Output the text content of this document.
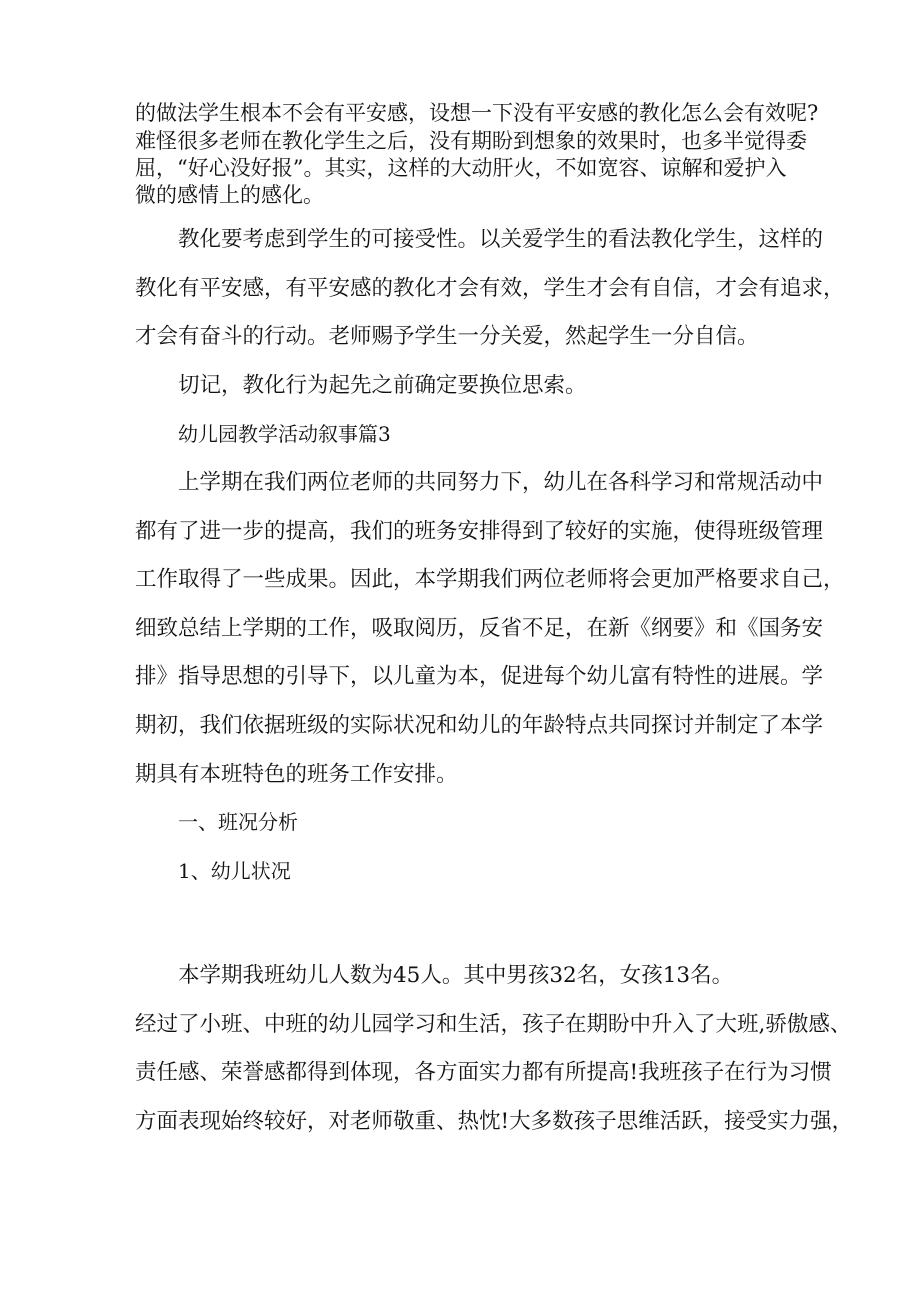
的做法学生根本不会有平安感，设想一下没有平安感的教化怎么会有效呢?
难怪很多老师在教化学生之后，没有期盼到想象的效果时，也多半觉得委
屈，“好心没好报”。其实，这样的大动肝火，不如宽容、谅解和爱护入
微的感情上的感化。
教化要考虑到学生的可接受性。以关爱学生的看法教化学生，这样的
教化有平安感，有平安感的教化才会有效，学生才会有自信，才会有追求，
才会有奋斗的行动。老师赐予学生一分关爱，然起学生一分自信。
切记，教化行为起先之前确定要换位思索。
幼儿园教学活动叙事篇3
上学期在我们两位老师的共同努力下，幼儿在各科学习和常规活动中
都有了进一步的提高，我们的班务安排得到了较好的实施，使得班级管理
工作取得了一些成果。因此，本学期我们两位老师将会更加严格要求自己，
细致总结上学期的工作，吸取阅历，反省不足，在新《纲要》和《国务安
排》指导思想的引导下，以儿童为本，促进每个幼儿富有特性的进展。学
期初，我们依据班级的实际状况和幼儿的年龄特点共同探讨并制定了本学
期具有本班特色的班务工作安排。
一、班况分析
1、幼儿状况
本学期我班幼儿人数为45人。其中男孩32名，女孩13名。
经过了小班、中班的幼儿园学习和生活，孩子在期盼中升入了大班,骄傲感、
责任感、荣誉感都得到体现，各方面实力都有所提高!我班孩子在行为习惯
方面表现始终较好，对老师敬重、热忱!大多数孩子思维活跃，接受实力强，
